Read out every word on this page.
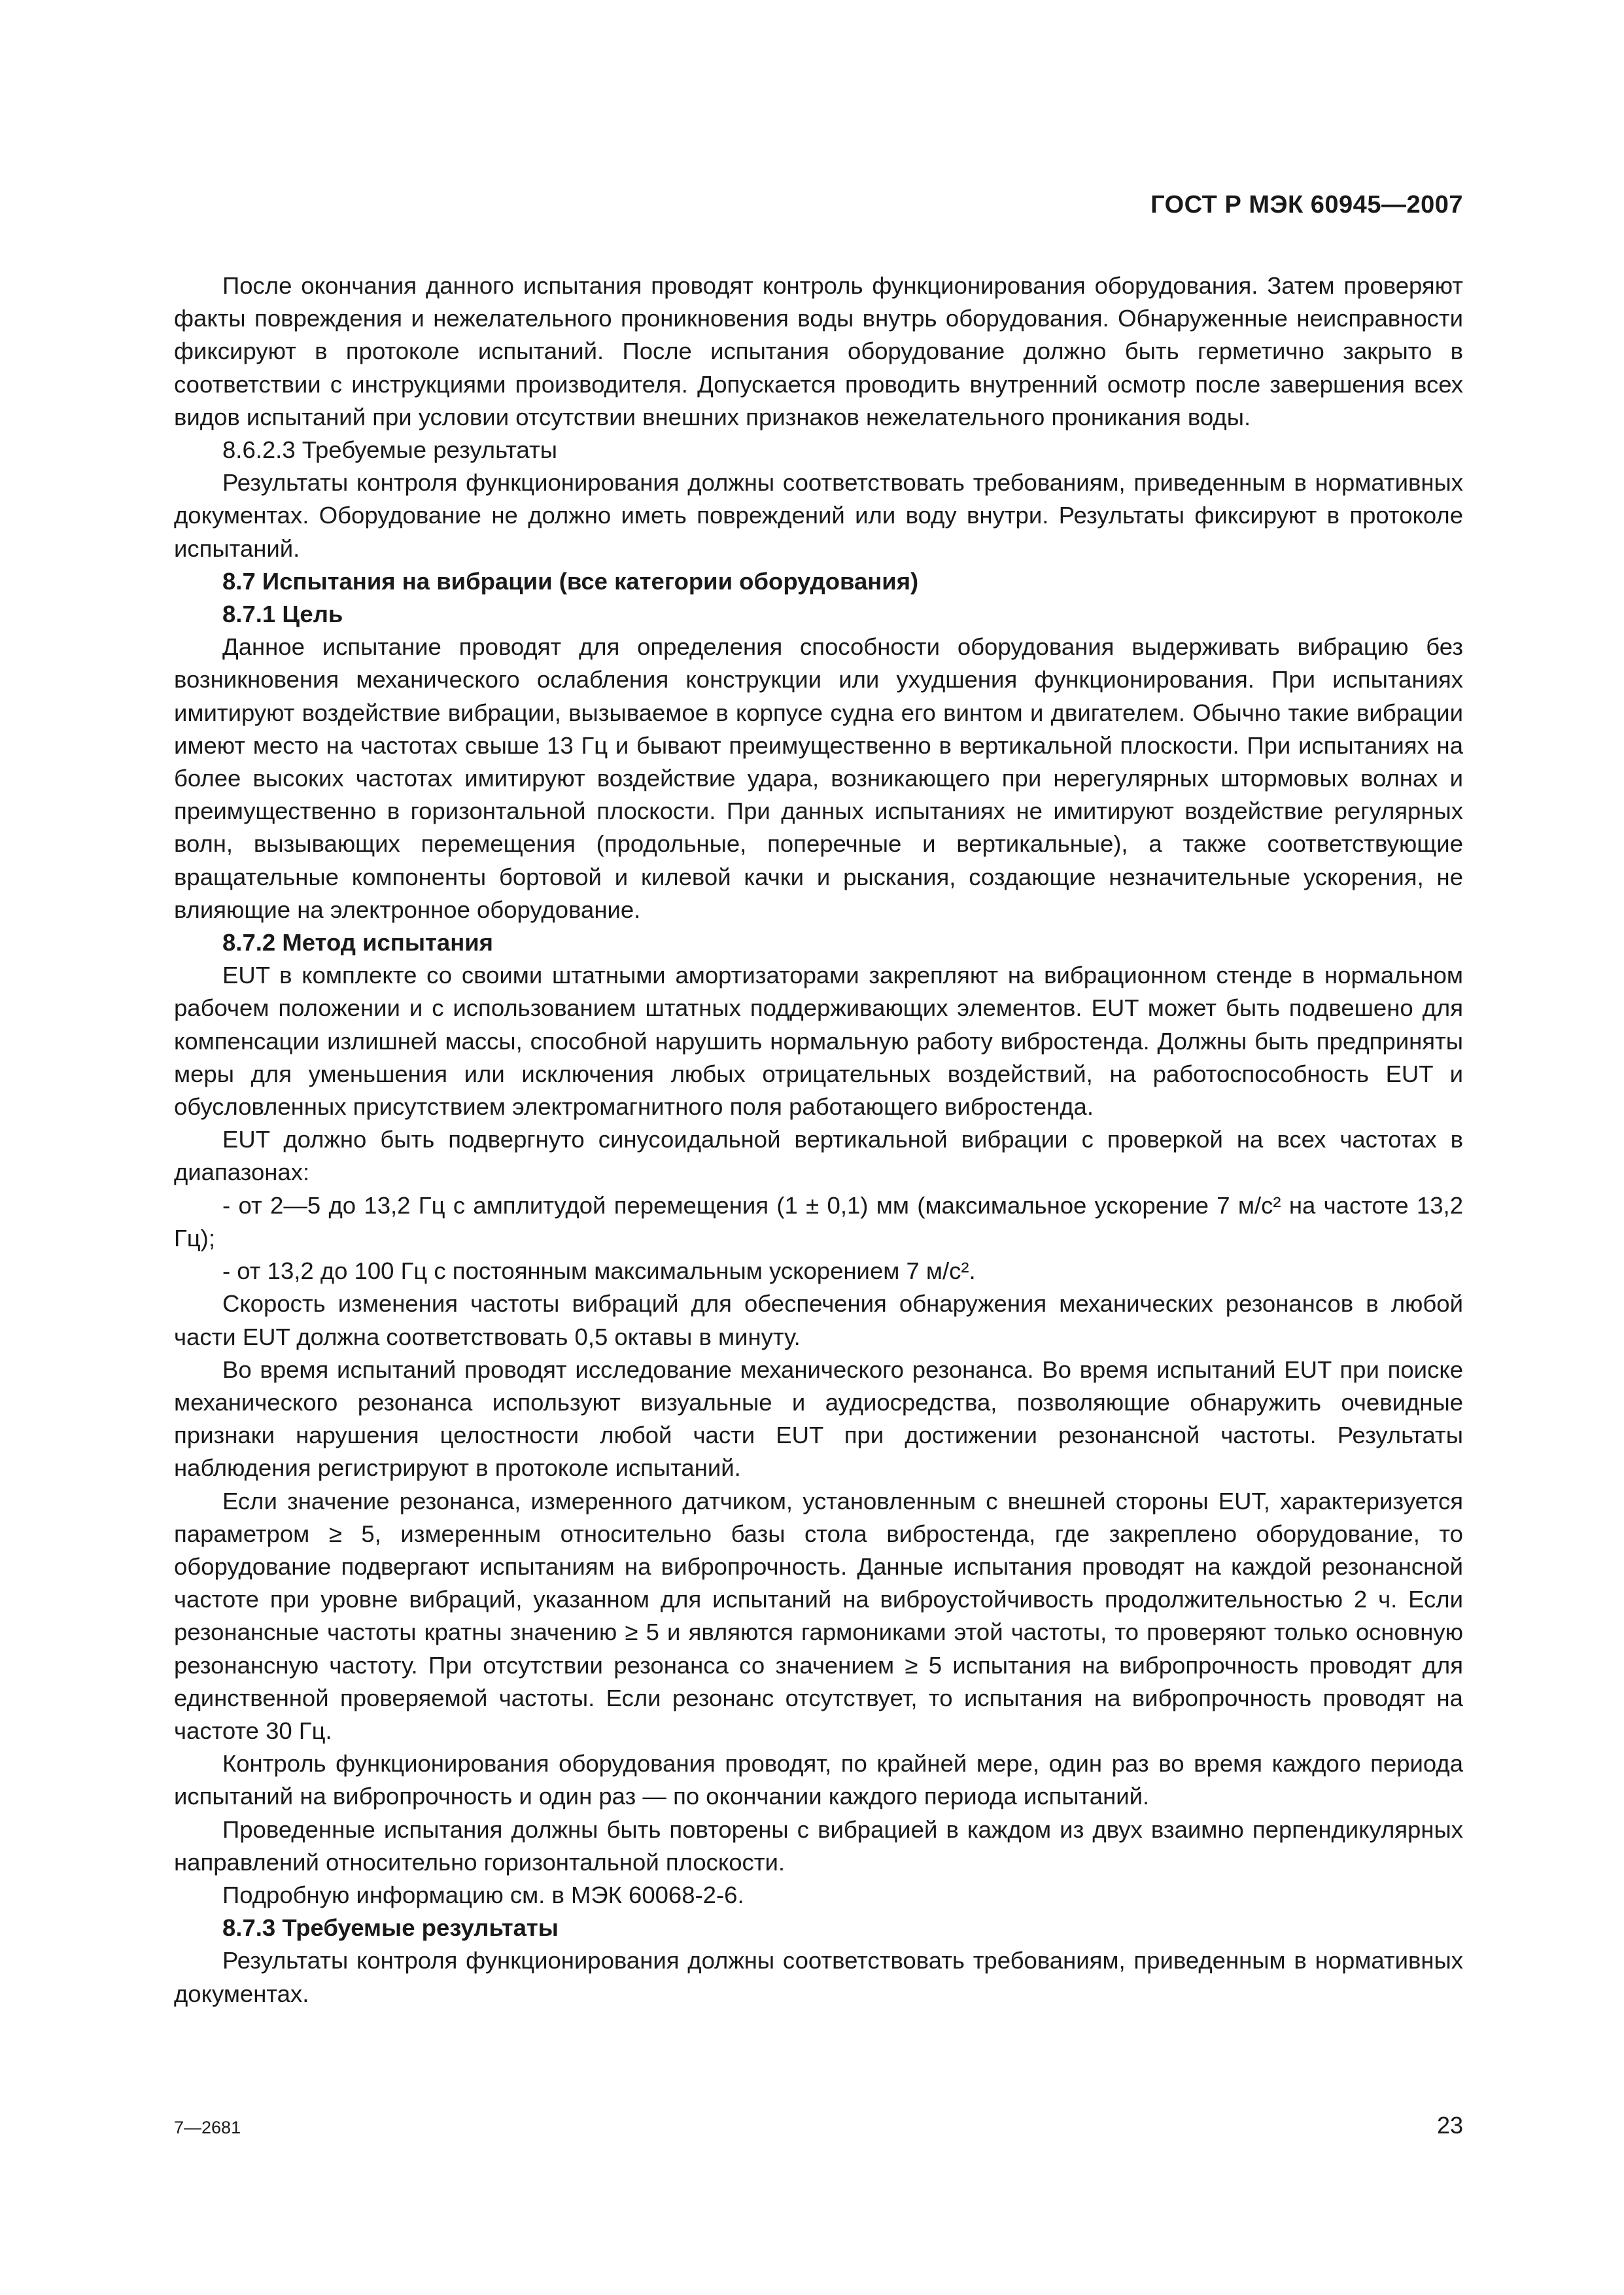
ГОСТ Р МЭК 60945—2007

После окончания данного испытания проводят контроль функционирования оборудования. Затем проверяют факты повреждения и нежелательного проникновения воды внутрь оборудования. Обнаруженные неисправности фиксируют в протоколе испытаний. После испытания оборудование должно быть герметично закрыто в соответствии с инструкциями производителя. Допускается проводить внутренний осмотр после завершения всех видов испытаний при условии отсутствии внешних признаков нежелательного проникания воды.

8.6.2.3 Требуемые результаты

Результаты контроля функционирования должны соответствовать требованиям, приведенным в нормативных документах. Оборудование не должно иметь повреждений или воду внутри. Результаты фиксируют в протоколе испытаний.

8.7 Испытания на вибрации (все категории оборудования)

8.7.1 Цель

Данное испытание проводят для определения способности оборудования выдерживать вибрацию без возникновения механического ослабления конструкции или ухудшения функционирования. При испытаниях имитируют воздействие вибрации, вызываемое в корпусе судна его винтом и двигателем. Обычно такие вибрации имеют место на частотах свыше 13 Гц и бывают преимущественно в вертикальной плоскости. При испытаниях на более высоких частотах имитируют воздействие удара, возникающего при нерегулярных штормовых волнах и преимущественно в горизонтальной плоскости. При данных испытаниях не имитируют воздействие регулярных волн, вызывающих перемещения (продольные, поперечные и вертикальные), а также соответствующие вращательные компоненты бортовой и килевой качки и рыскания, создающие незначительные ускорения, не влияющие на электронное оборудование.

8.7.2 Метод испытания

EUT в комплекте со своими штатными амортизаторами закрепляют на вибрационном стенде в нормальном рабочем положении и с использованием штатных поддерживающих элементов. EUT может быть подвешено для компенсации излишней массы, способной нарушить нормальную работу вибростенда. Должны быть предприняты меры для уменьшения или исключения любых отрицательных воздействий, на работоспособность EUT и обусловленных присутствием электромагнитного поля работающего вибростенда.

EUT должно быть подвергнуто синусоидальной вертикальной вибрации с проверкой на всех частотах в диапазонах:

- от 2—5 до 13,2 Гц с амплитудой перемещения (1 ± 0,1) мм (максимальное ускорение 7 м/с² на частоте 13,2 Гц);

- от 13,2 до 100 Гц с постоянным максимальным ускорением 7 м/с².

Скорость изменения частоты вибраций для обеспечения обнаружения механических резонансов в любой части EUT должна соответствовать 0,5 октавы в минуту.

Во время испытаний проводят исследование механического резонанса. Во время испытаний EUT при поиске механического резонанса используют визуальные и аудиосредства, позволяющие обнаружить очевидные признаки нарушения целостности любой части EUT при достижении резонансной частоты. Результаты наблюдения регистрируют в протоколе испытаний.

Если значение резонанса, измеренного датчиком, установленным с внешней стороны EUT, характеризуется параметром ≥ 5, измеренным относительно базы стола вибростенда, где закреплено оборудование, то оборудование подвергают испытаниям на вибропрочность. Данные испытания проводят на каждой резонансной частоте при уровне вибраций, указанном для испытаний на виброустойчивость продолжительностью 2 ч. Если резонансные частоты кратны значению ≥ 5 и являются гармониками этой частоты, то проверяют только основную резонансную частоту. При отсутствии резонанса со значением ≥ 5 испытания на вибропрочность проводят для единственной проверяемой частоты. Если резонанс отсутствует, то испытания на вибропрочность проводят на частоте 30 Гц.

Контроль функционирования оборудования проводят, по крайней мере, один раз во время каждого периода испытаний на вибропрочность и один раз — по окончании каждого периода испытаний.

Проведенные испытания должны быть повторены с вибрацией в каждом из двух взаимно перпендикулярных направлений относительно горизонтальной плоскости.

Подробную информацию см. в МЭК 60068-2-6.

8.7.3 Требуемые результаты

Результаты контроля функционирования должны соответствовать требованиям, приведенным в нормативных документах.

7—2681	23
